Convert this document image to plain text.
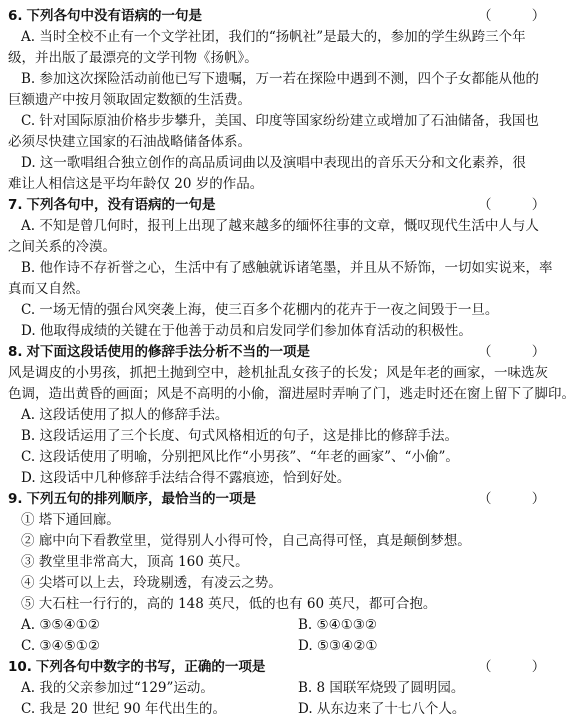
6. 下列各句中没有语病的一句是	（ ）
A. 当时全校不止有一个文学社团，我们的“扬帆社”是最大的，参加的学生纵跨三个年
级，并出版了最漂亮的文学刊物《扬帆》。
B. 参加这次探险活动前他已写下遗嘱，万一若在探险中遇到不测，四个子女都能从他的
巨额遗产中按月领取固定数额的生活费。
C. 针对国际原油价格步步攀升，美国、印度等国家纷纷建立或增加了石油储备，我国也
必须尽快建立国家的石油战略储备体系。
D. 这一歌唱组合独立创作的高品质词曲以及演唱中表现出的音乐天分和文化素养，很
难让人相信这是平均年龄仅 20 岁的作品。
7. 下列各句中，没有语病的一句是	（ ）
A. 不知是曾几何时，报刊上出现了越来越多的缅怀往事的文章，慨叹现代生活中人与人
之间关系的冷漠。
B. 他作诗不存祈誉之心，生活中有了感触就诉诸笔墨，并且从不矫饰，一切如实说来，率
真而又自然。
C. 一场无情的强台风突袭上海，使三百多个花棚内的花卉于一夜之间毁于一旦。
D. 他取得成绩的关键在于他善于动员和启发同学们参加体育活动的积极性。
8. 对下面这段话使用的修辞手法分析不当的一项是	（ ）
风是调皮的小男孩，抓把土抛到空中，趁机扯乱女孩子的长发；风是年老的画家，一味选灰
色调，造出黄昏的画面；风是不高明的小偷，溜进屋时弄响了门，逃走时还在窗上留下了脚印。
A. 这段话使用了拟人的修辞手法。
B. 这段话运用了三个长度、句式风格相近的句子，这是排比的修辞手法。
C. 这段话使用了明喻，分别把风比作“小男孩”、“年老的画家”、“小偷”。
D. 这段话中几种修辞手法结合得不露痕迹，恰到好处。
9. 下列五句的排列顺序，最恰当的一项是	（ ）
① 塔下通回廊。
② 廊中向下看教堂里，觉得别人小得可怜，自己高得可怪，真是颠倒梦想。
③ 教堂里非常高大，顶高 160 英尺。
④ 尖塔可以上去，玲珑剔透，有凌云之势。
⑤ 大石柱一行行的，高的 148 英尺，低的也有 60 英尺，都可合抱。
A. ③⑤④①②	B. ⑤④①③②
C. ③④⑤①②	D. ⑤③④②①
10. 下列各句中数字的书写，正确的一项是	（ ）
A. 我的父亲参加过“129”运动。	B. 8 国联军烧毁了圆明园。
C. 我是 20 世纪 90 年代出生的。	D. 从东边来了十七八个人。
